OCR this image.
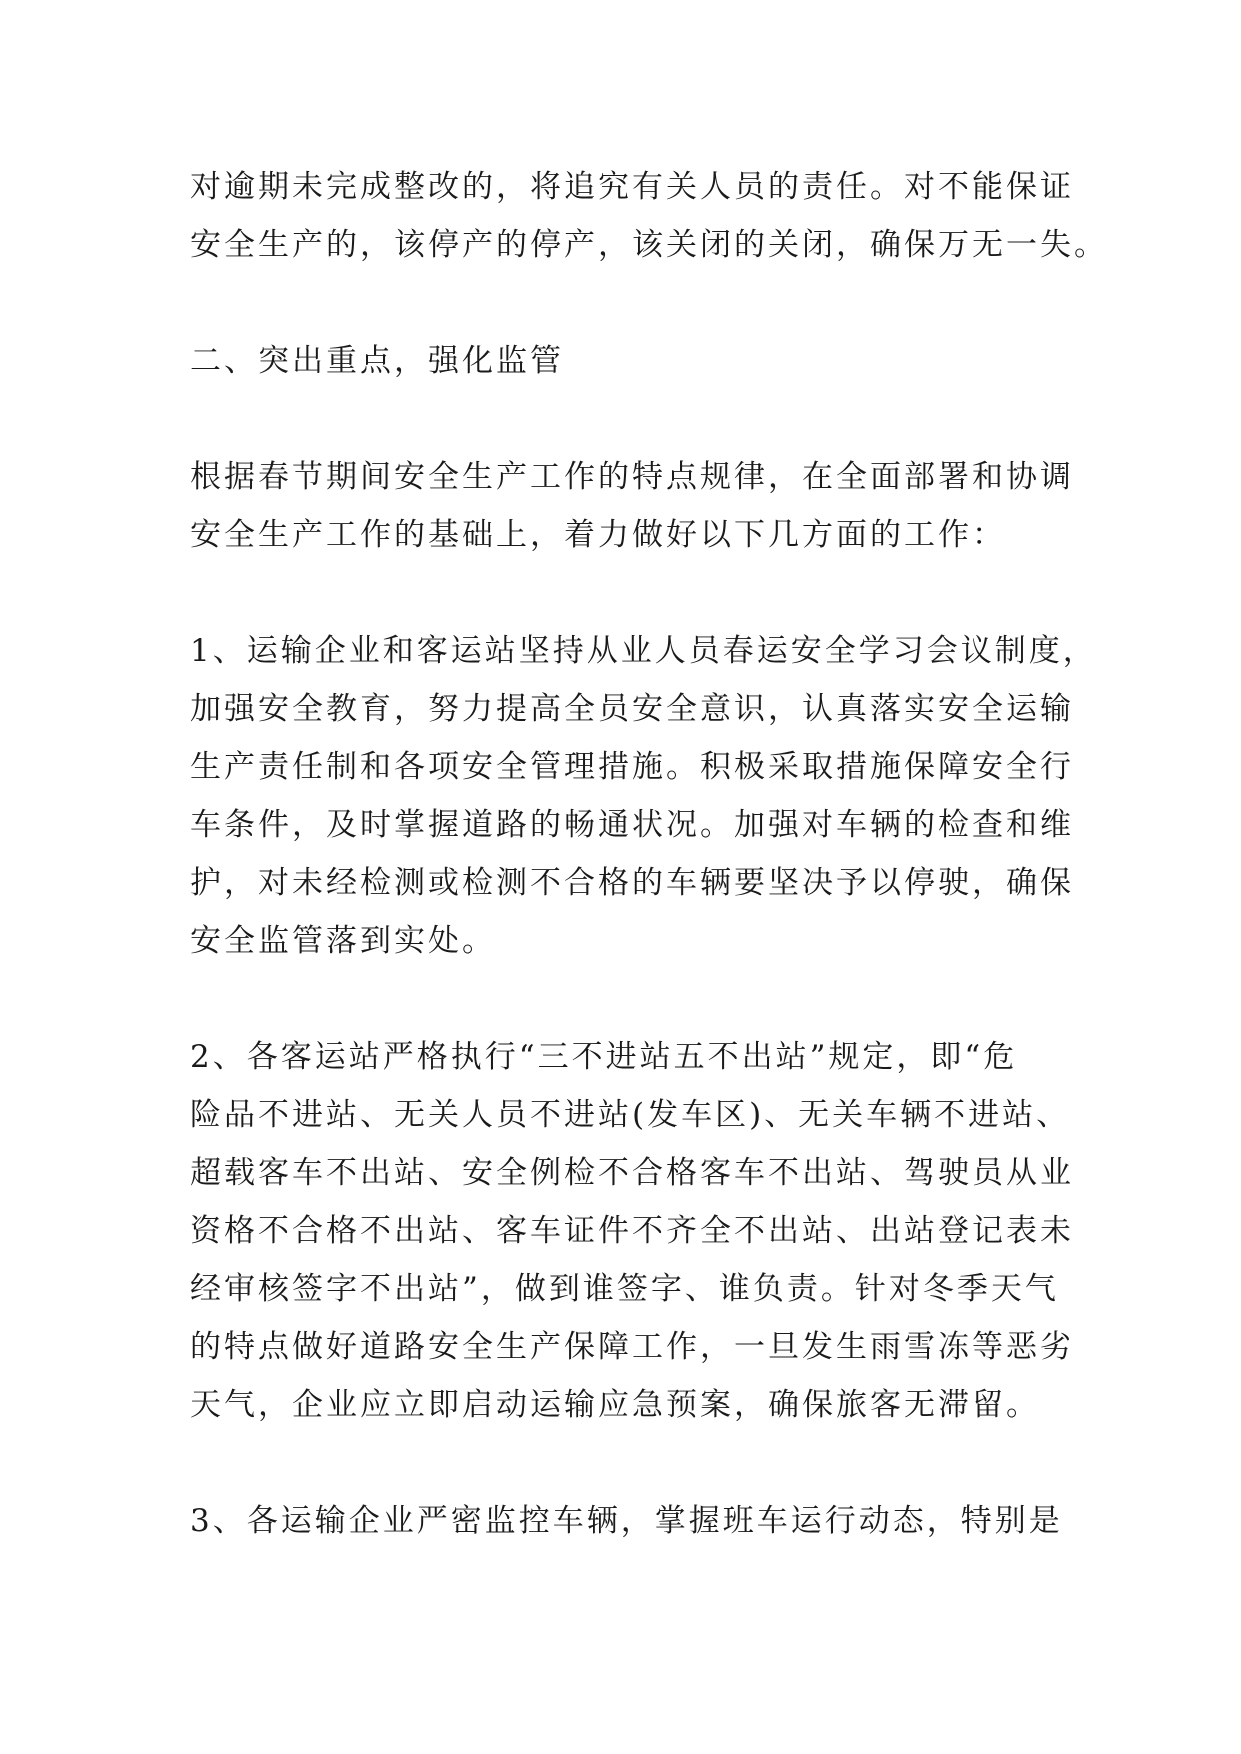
对逾期未完成整改的，将追究有关人员的责任。对不能保证
安全生产的，该停产的停产，该关闭的关闭，确保万无一失。
二、突出重点，强化监管
根据春节期间安全生产工作的特点规律，在全面部署和协调
安全生产工作的基础上，着力做好以下几方面的工作：
1、运输企业和客运站坚持从业人员春运安全学习会议制度，
加强安全教育，努力提高全员安全意识，认真落实安全运输
生产责任制和各项安全管理措施。积极采取措施保障安全行
车条件，及时掌握道路的畅通状况。加强对车辆的检查和维
护，对未经检测或检测不合格的车辆要坚决予以停驶，确保
安全监管落到实处。
2、各客运站严格执行“三不进站五不出站”规定，即“危
险品不进站、无关人员不进站(发车区)、无关车辆不进站、
超载客车不出站、安全例检不合格客车不出站、驾驶员从业
资格不合格不出站、客车证件不齐全不出站、出站登记表未
经审核签字不出站”，做到谁签字、谁负责。针对冬季天气
的特点做好道路安全生产保障工作，一旦发生雨雪冻等恶劣
天气，企业应立即启动运输应急预案，确保旅客无滞留。
3、各运输企业严密监控车辆，掌握班车运行动态，特别是
